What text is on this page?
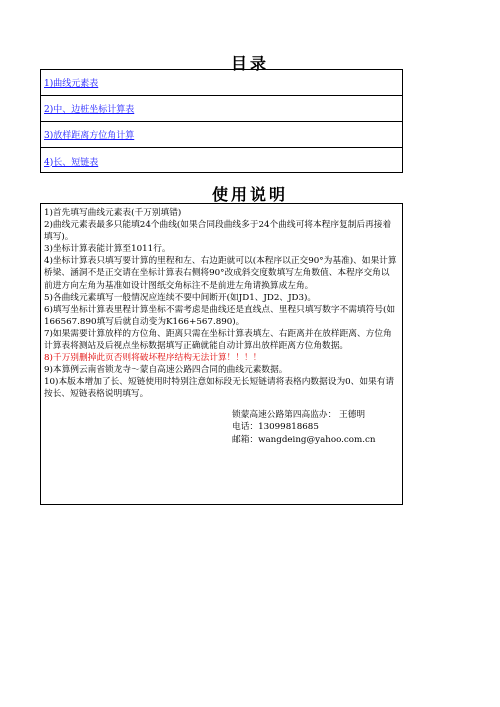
目录
1)曲线元素表
2)中、边桩坐标计算表
3)放样距离方位角计算
4)长、短链表
使用说明

1)首先填写曲线元素表(千万别填错)

2)曲线元素表最多只能填24个曲线(如果合同段曲线多于24个曲线可将本程序复制后再接着填写)。

3)坐标计算表能计算至1011行。

4)坐标计算表只填写要计算的里程和左、右边距就可以(本程序以正交90°为基准)、如果计算桥梁、涵洞不是正交请在坐标计算表右侧将90°改成斜交度数填写左角数值、本程序交角以前进方向左角为基准如设计图纸交角标注不是前进左角请换算成左角。

5)各曲线元素填写一般情况应连续不要中间断开(如JD1、JD2、JD3)。

6)填写坐标计算表里程计算坐标不需考虑是曲线还是直线点、里程只填写数字不需填符号(如166567.890填写后就自动变为K166+567.890)。

7)如果需要计算放样的方位角、距离只需在坐标计算表填左、右距离并在放样距离、方位角计算表将测站及后视点坐标数据填写正确就能自动计算出放样距离方位角数据。

8)千万别删掉此页否则将破坏程序结构无法计算！！！！

9)本算例云南省锁龙寺～蒙自高速公路四合同的曲线元素数据。

10)本版本增加了长、短链使用时特别注意如标段无长短链请将表格内数据设为0、如果有请按长、短链表格说明填写。

锁蒙高速公路第四高监办： 王德明
电话：13099818685
邮箱：wangdeing@yahoo.com.cn
